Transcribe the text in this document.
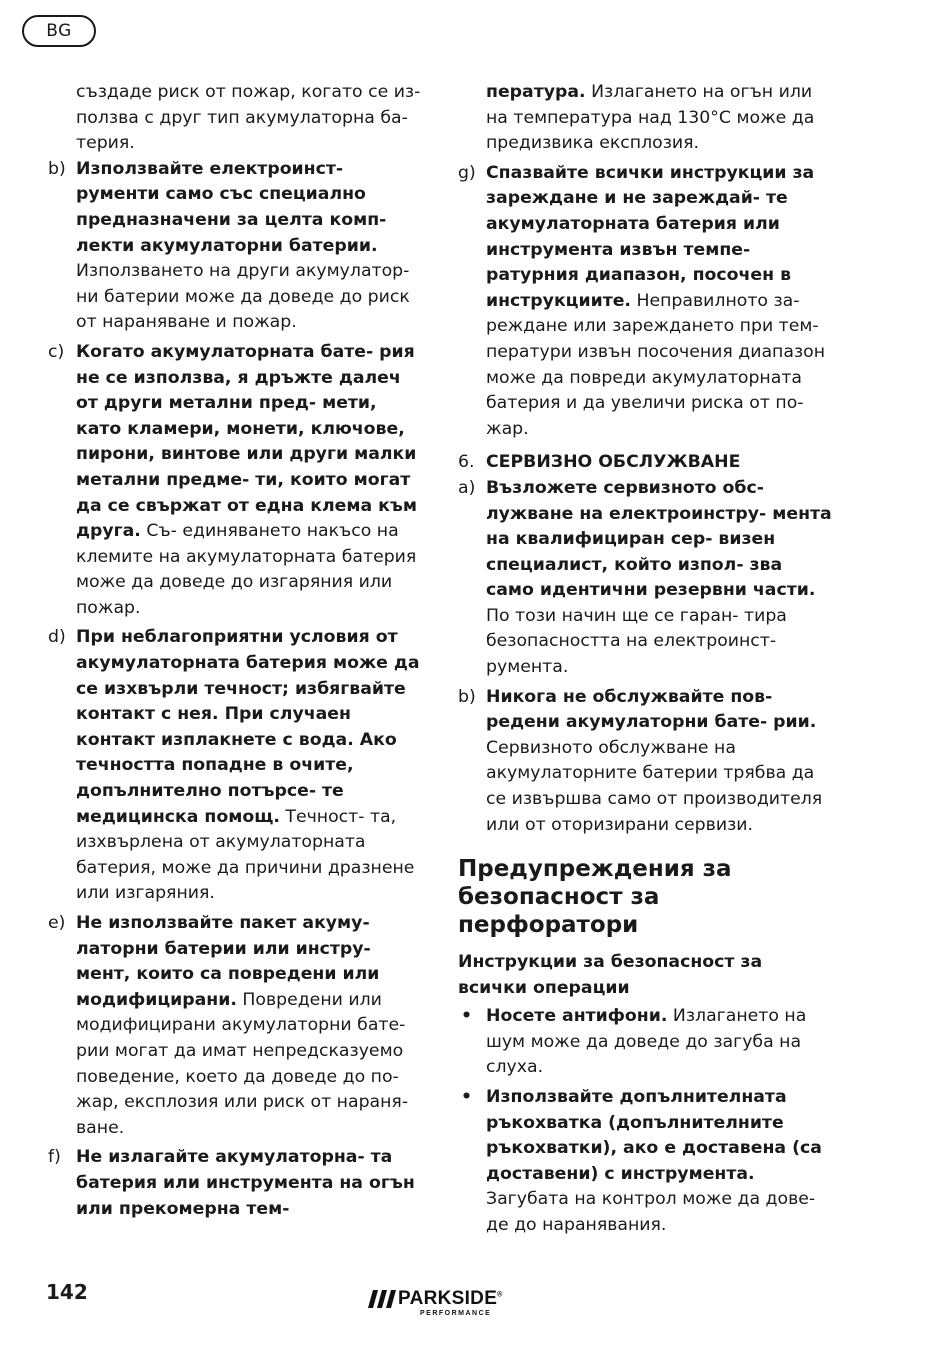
BG

създаде риск от пожар, когато се из- ползва с друг тип акумулаторна ба- терия.

b) Използвайте електроинст- рументи само със специално предназначени за целта комп- лекти акумулаторни батерии. Използването на други акумулатор- ни батерии може да доведе до риск от нараняване и пожар.

c) Когато акумулаторната бате- рия не се използва, я дръжте далеч от други метални пред- мети, като кламери, монети, ключове, пирони, винтове или други малки метални предме- ти, които могат да се свържат от една клема към друга. Съ- единяването накъсо на клемите на акумулаторната батерия може да доведе до изгаряния или пожар.

d) При неблагоприятни условия от акумулаторната батерия може да се изхвърли течност; избягвайте контакт с нея. При случаен контакт изплакнете с вода. Ако течността попадне в очите, допълнително потърсе- те медицинска помощ. Течност- та, изхвърлена от акумулаторната батерия, може да причини дразнене или изгаряния.

e) Не използвайте пакет акуму- латорни батерии или инстру- мент, които са повредени или модифицирани. Повредени или модифицирани акумулаторни бате- рии могат да имат непредсказуемо поведение, което да доведе до по- жар, експлозия или риск от нараня- ване.

f) Не излагайте акумулаторна- та батерия или инструмента на огън или прекомерна тем-

пература. Излагането на огън или на температура над 130°C може да предизвика експлозия.

g) Спазвайте всички инструкции за зареждане и не зареждай- те акумулаторната батерия или инструмента извън темпе- ратурния диапазон, посочен в инструкциите. Неправилното за- реждане или зареждането при тем- ператури извън посочения диапазон може да повреди акумулаторната батерия и да увеличи риска от по- жар.

6. СЕРВИЗНО ОБСЛУЖВАНЕ

a) Възложете сервизното обс- лужване на електроинстру- мента на квалифициран сер- визен специалист, който изпол- зва само идентични резервни части. По този начин ще се гаран- тира безопасността на електроинст- румента.

b) Никога не обслужвайте пов- редени акумулаторни бате- рии. Сервизното обслужване на акумулаторните батерии трябва да се извършва само от производителя или от оторизирани сервизи.

Предупреждения за безопасност за перфоратори

Инструкции за безопасност за всички операции

• Носете антифони. Излагането на шум може да доведе до загуба на слуха.

• Използвайте допълнителната ръкохватка (допълнителните ръкохватки), ако е доставена (са доставени) с инструмента. Загубата на контрол може да дове- де до наранявания.

142	PARKSIDE®
PERFORMANCE
